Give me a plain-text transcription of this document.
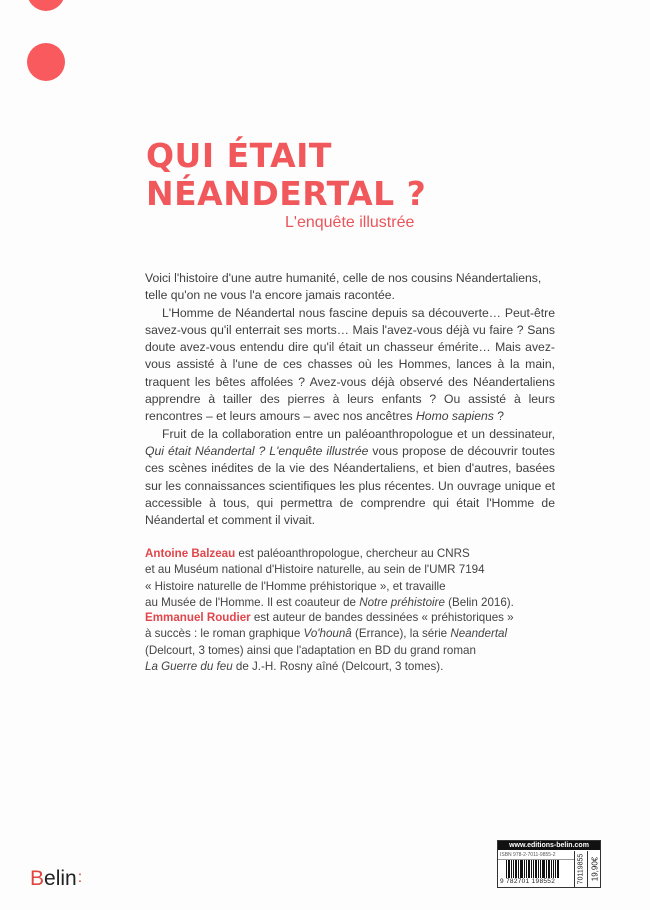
QUI ÉTAIT
NÉANDERTAL ?

L'enquête illustrée

Voici l'histoire d'une autre humanité, celle de nos cousins Néandertaliens, telle qu'on ne vous l'a encore jamais racontée.

L'Homme de Néandertal nous fascine depuis sa découverte… Peut-être savez-vous qu'il enterrait ses morts… Mais l'avez-vous déjà vu faire ? Sans doute avez-vous entendu dire qu'il était un chasseur émérite… Mais avez-vous assisté à l'une de ces chasses où les Hommes, lances à la main, traquent les bêtes affolées ? Avez-vous déjà observé des Néandertaliens apprendre à tailler des pierres à leurs enfants ? Ou assisté à leurs rencontres – et leurs amours – avec nos ancêtres Homo sapiens ?

Fruit de la collaboration entre un paléoanthropologue et un dessinateur, Qui était Néandertal ? L'enquête illustrée vous propose de découvrir toutes ces scènes inédites de la vie des Néandertaliens, et bien d'autres, basées sur les connaissances scientifiques les plus récentes. Un ouvrage unique et accessible à tous, qui permettra de comprendre qui était l'Homme de Néandertal et comment il vivait.

Antoine Balzeau est paléoanthropologue, chercheur au CNRS
et au Muséum national d'Histoire naturelle, au sein de l'UMR 7194
« Histoire naturelle de l'Homme préhistorique », et travaille
au Musée de l'Homme. Il est coauteur de Notre préhistoire (Belin 2016).

Emmanuel Roudier est auteur de bandes dessinées « préhistoriques »
à succès : le roman graphique Vo'hounâ (Errance), la série Neandertal
(Delcourt, 3 tomes) ainsi que l'adaptation en BD du grand roman
La Guerre du feu de J.-H. Rosny aîné (Delcourt, 3 tomes).

Belin:
www.editions-belin.com
ISBN 978-2-7011-9855-2
9 782701 198552	70119855 19,90€
